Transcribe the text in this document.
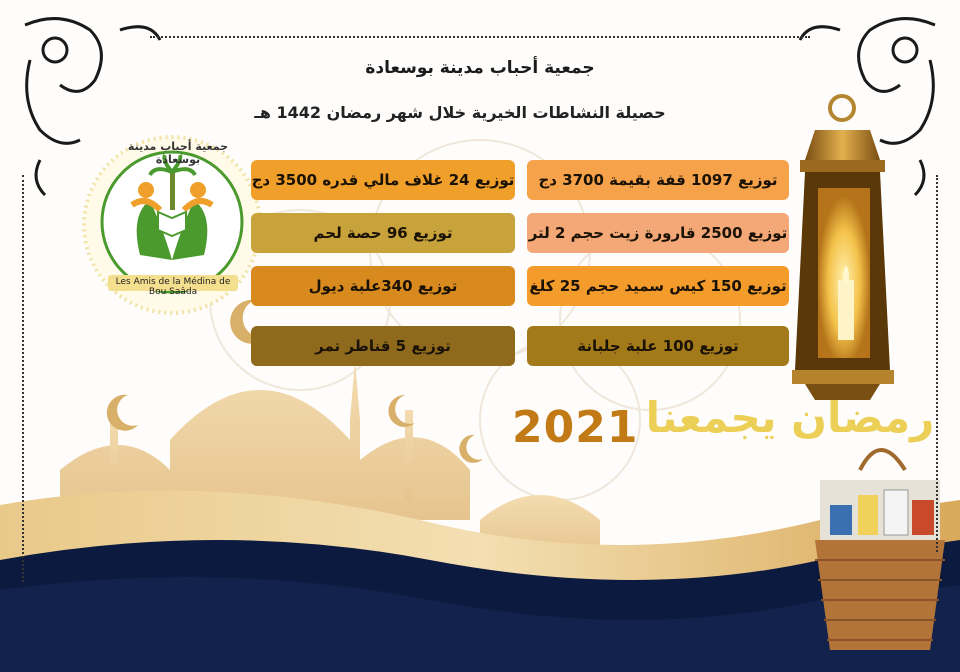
جمعية أحباب مدينة بوسعادة
Les Amis de la Médina de Bou Saâda
جمعية أحباب مدينة بوسعادة
حصيلة النشاطات الخيرية خلال شهر رمضان 1442 هـ
توزيع 1097 قفة بقيمة 3700 دج
توزيع 2500 قارورة زيت حجم 2 لتر
توزيع 150 كيس سميد حجم 25 كلغ
توزيع 100 علبة جلبانة
توزيع 24 غلاف مالي قدره 3500 دج
توزيع 96 حصة لحم
توزيع 340علبة ديول
توزيع 5 قناطر تمر
2021 رمضان يجمعنا
